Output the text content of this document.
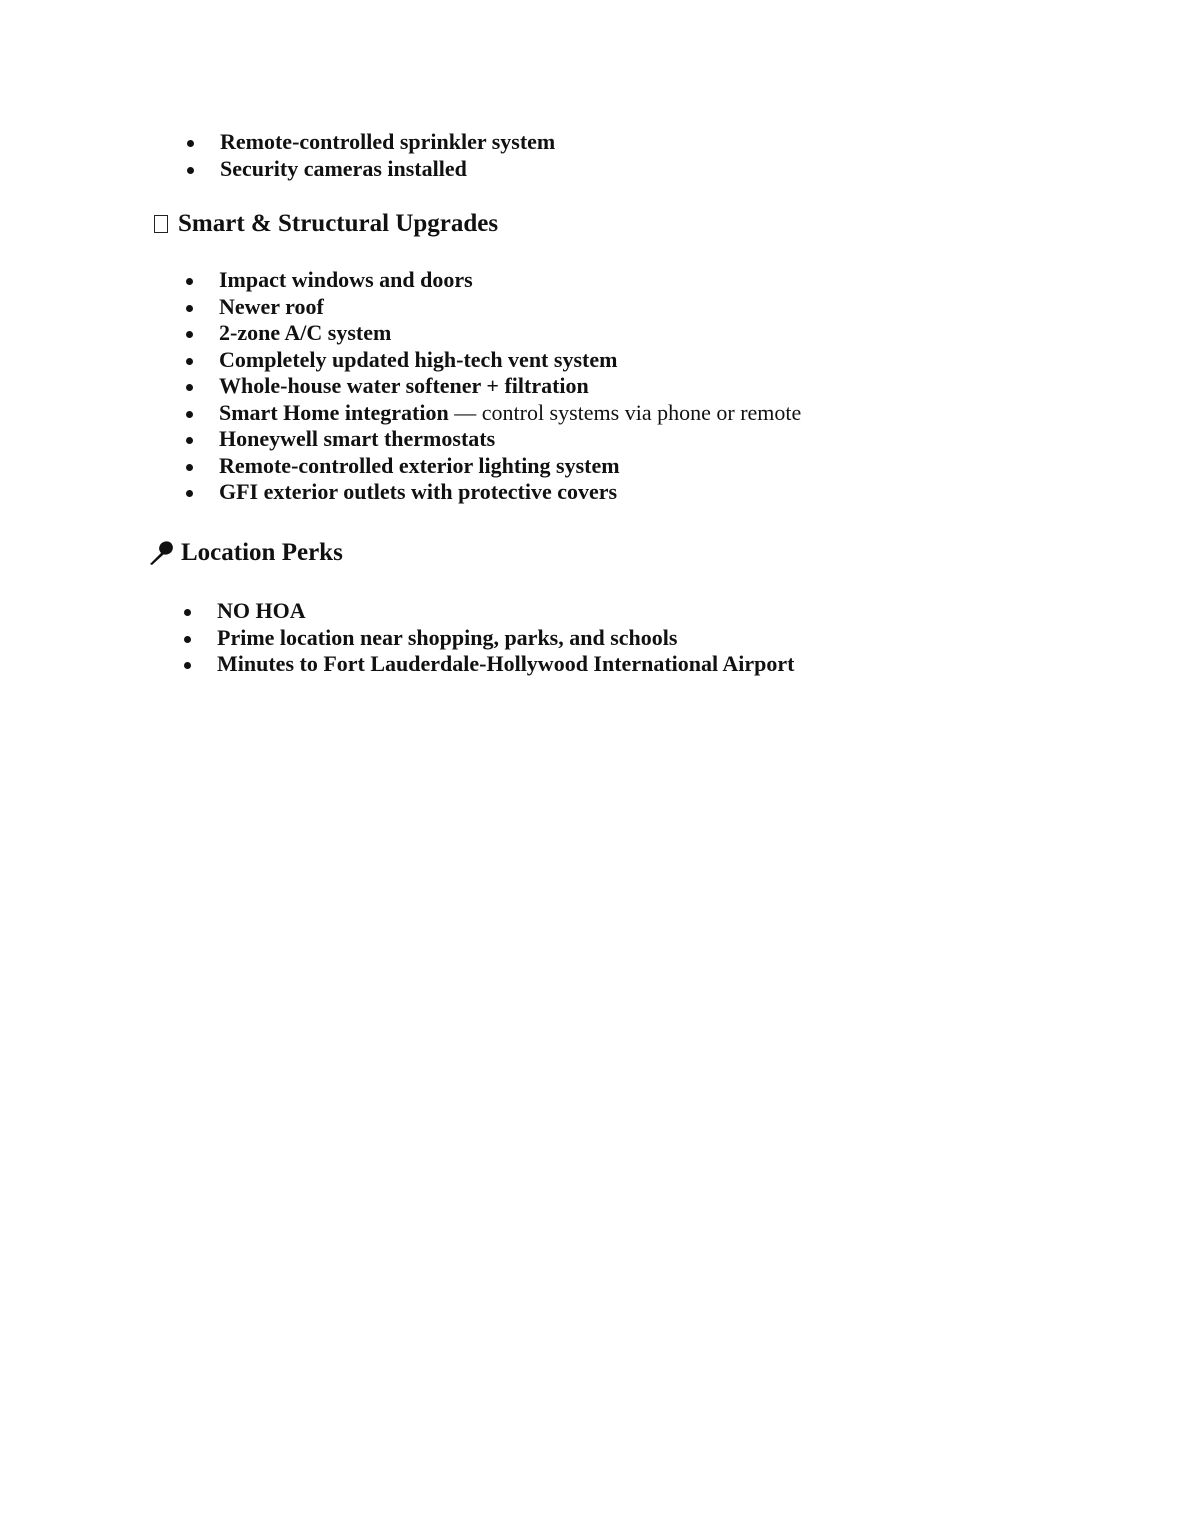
Remote-controlled sprinkler system
Security cameras installed
Smart & Structural Upgrades
Impact windows and doors
Newer roof
2-zone A/C system
Completely updated high-tech vent system
Whole-house water softener + filtration
Smart Home integration — control systems via phone or remote
Honeywell smart thermostats
Remote-controlled exterior lighting system
GFI exterior outlets with protective covers
Location Perks
NO HOA
Prime location near shopping, parks, and schools
Minutes to Fort Lauderdale-Hollywood International Airport
